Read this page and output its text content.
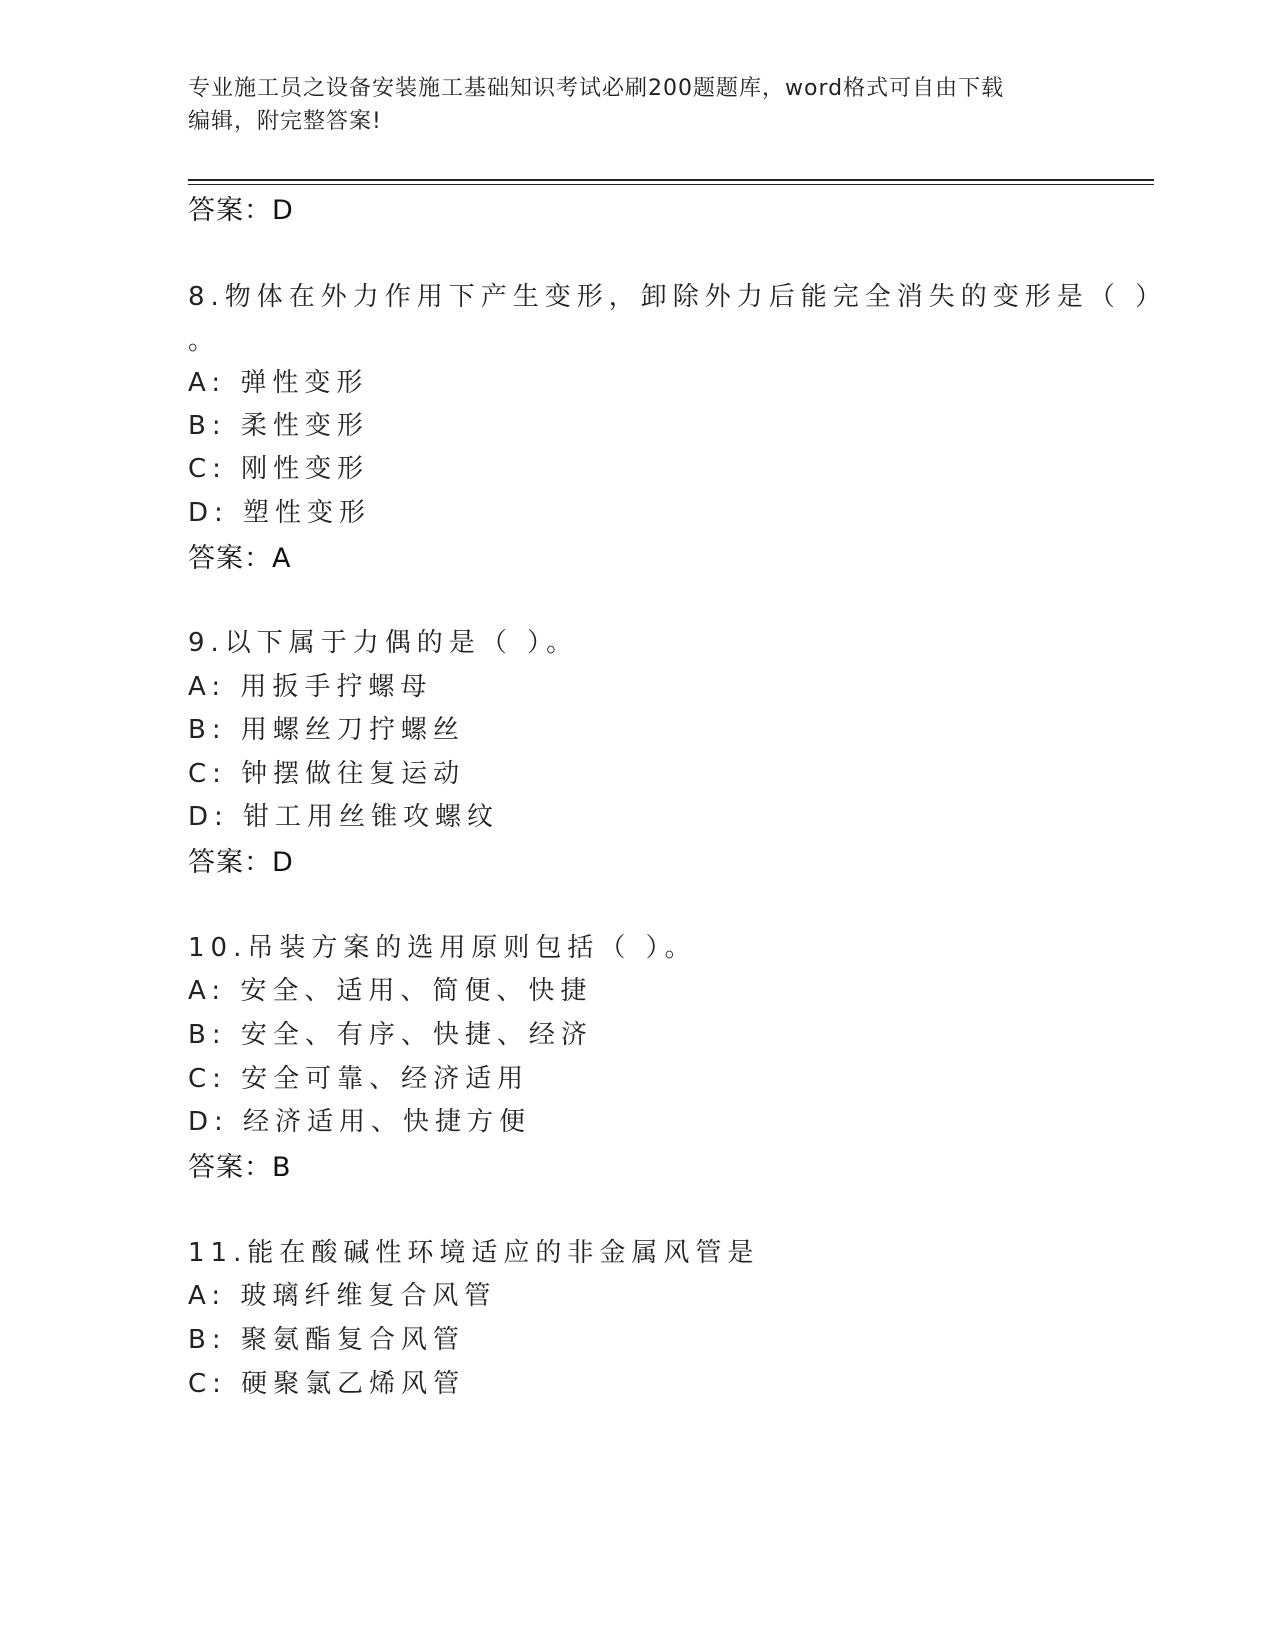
专业施工员之设备安装施工基础知识考试必刷200题题库，word格式可自由下载
编辑，附完整答案!
答案：D
8.物体在外力作用下产生变形，卸除外力后能完全消失的变形是（ ）
。
A: 弹性变形
B: 柔性变形
C: 刚性变形
D: 塑性变形
答案：A
9.以下属于力偶的是（ ）。
A: 用扳手拧螺母
B: 用螺丝刀拧螺丝
C: 钟摆做往复运动
D: 钳工用丝锥攻螺纹
答案：D
10.吊装方案的选用原则包括（ ）。
A: 安全、适用、简便、快捷
B: 安全、有序、快捷、经济
C: 安全可靠、经济适用
D: 经济适用、快捷方便
答案：B
11.能在酸碱性环境适应的非金属风管是
A: 玻璃纤维复合风管
B: 聚氨酯复合风管
C: 硬聚氯乙烯风管
